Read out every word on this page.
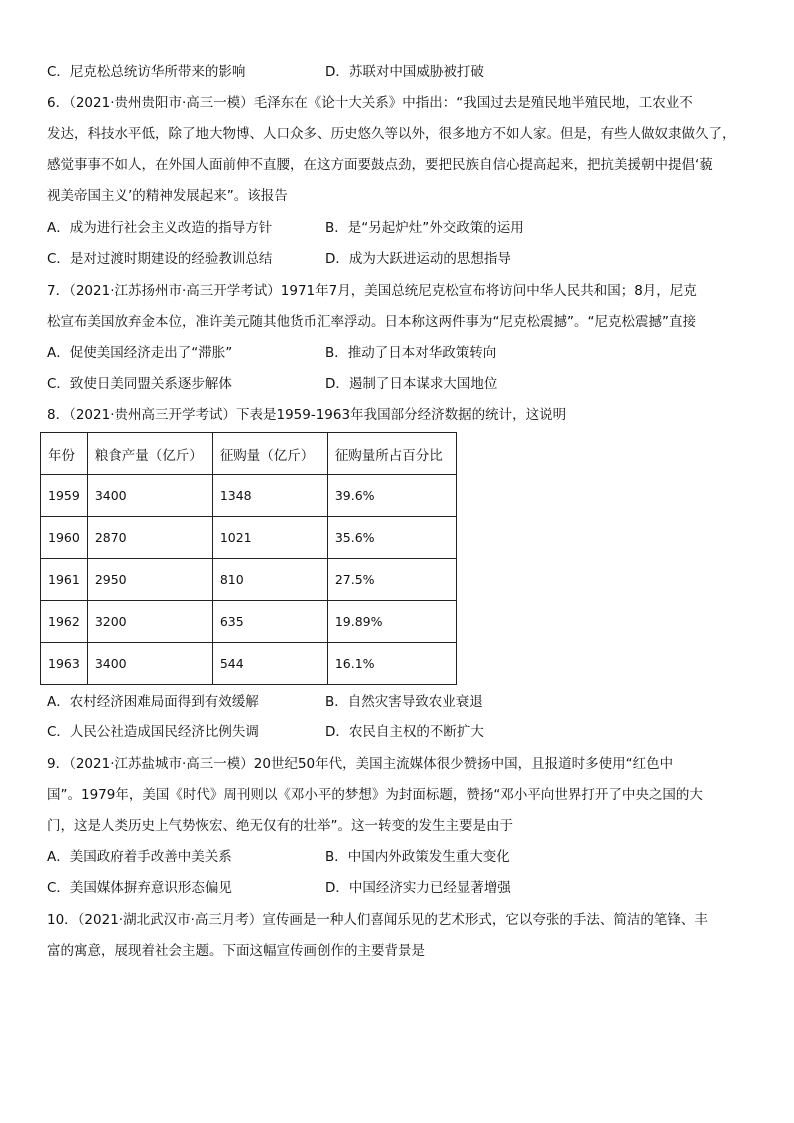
C．尼克松总统访华所带来的影响	D．苏联对中国威胁被打破
6．（2021·贵州贵阳市·高三一模）毛泽东在《论十大关系》中指出：“我国过去是殖民地半殖民地，工农业不
发达，科技水平低，除了地大物博、人口众多、历史悠久等以外，很多地方不如人家。但是，有些人做奴隶做久了，
感觉事事不如人，在外国人面前伸不直腰，在这方面要鼓点劲，要把民族自信心提高起来，把抗美援朝中提倡‘藐
视美帝国主义’的精神发展起来”。该报告
A．成为进行社会主义改造的指导方针	B．是“另起炉灶”外交政策的运用
C．是对过渡时期建设的经验教训总结	D．成为大跃进运动的思想指导
7．（2021·江苏扬州市·高三开学考试）1971年7月，美国总统尼克松宣布将访问中华人民共和国；8月，尼克
松宣布美国放弃金本位，准许美元随其他货币汇率浮动。日本称这两件事为“尼克松震撼”。“尼克松震撼”直接
A．促使美国经济走出了“滞胀”	B．推动了日本对华政策转向
C．致使日美同盟关系逐步解体	D．遏制了日本谋求大国地位
8．（2021·贵州高三开学考试）下表是1959-1963年我国部分经济数据的统计，这说明
年份	粮食产量（亿斤）	征购量（亿斤）	征购量所占百分比
1959	3400	1348	39.6%
1960	2870	1021	35.6%
1961	2950	810	27.5%
1962	3200	635	19.89%
1963	3400	544	16.1%
A．农村经济困难局面得到有效缓解	B．自然灾害导致农业衰退
C．人民公社造成国民经济比例失调	D．农民自主权的不断扩大
9．（2021·江苏盐城市·高三一模）20世纪50年代，美国主流媒体很少赞扬中国，且报道时多使用“红色中
国”。1979年，美国《时代》周刊则以《邓小平的梦想》为封面标题，赞扬“邓小平向世界打开了中央之国的大
门，这是人类历史上气势恢宏、绝无仅有的壮举”。这一转变的发生主要是由于
A．美国政府着手改善中美关系	B．中国内外政策发生重大变化
C．美国媒体摒弃意识形态偏见	D．中国经济实力已经显著增强
10．（2021·湖北武汉市·高三月考）宣传画是一种人们喜闻乐见的艺术形式，它以夸张的手法、简洁的笔锋、丰
富的寓意，展现着社会主题。下面这幅宣传画创作的主要背景是
